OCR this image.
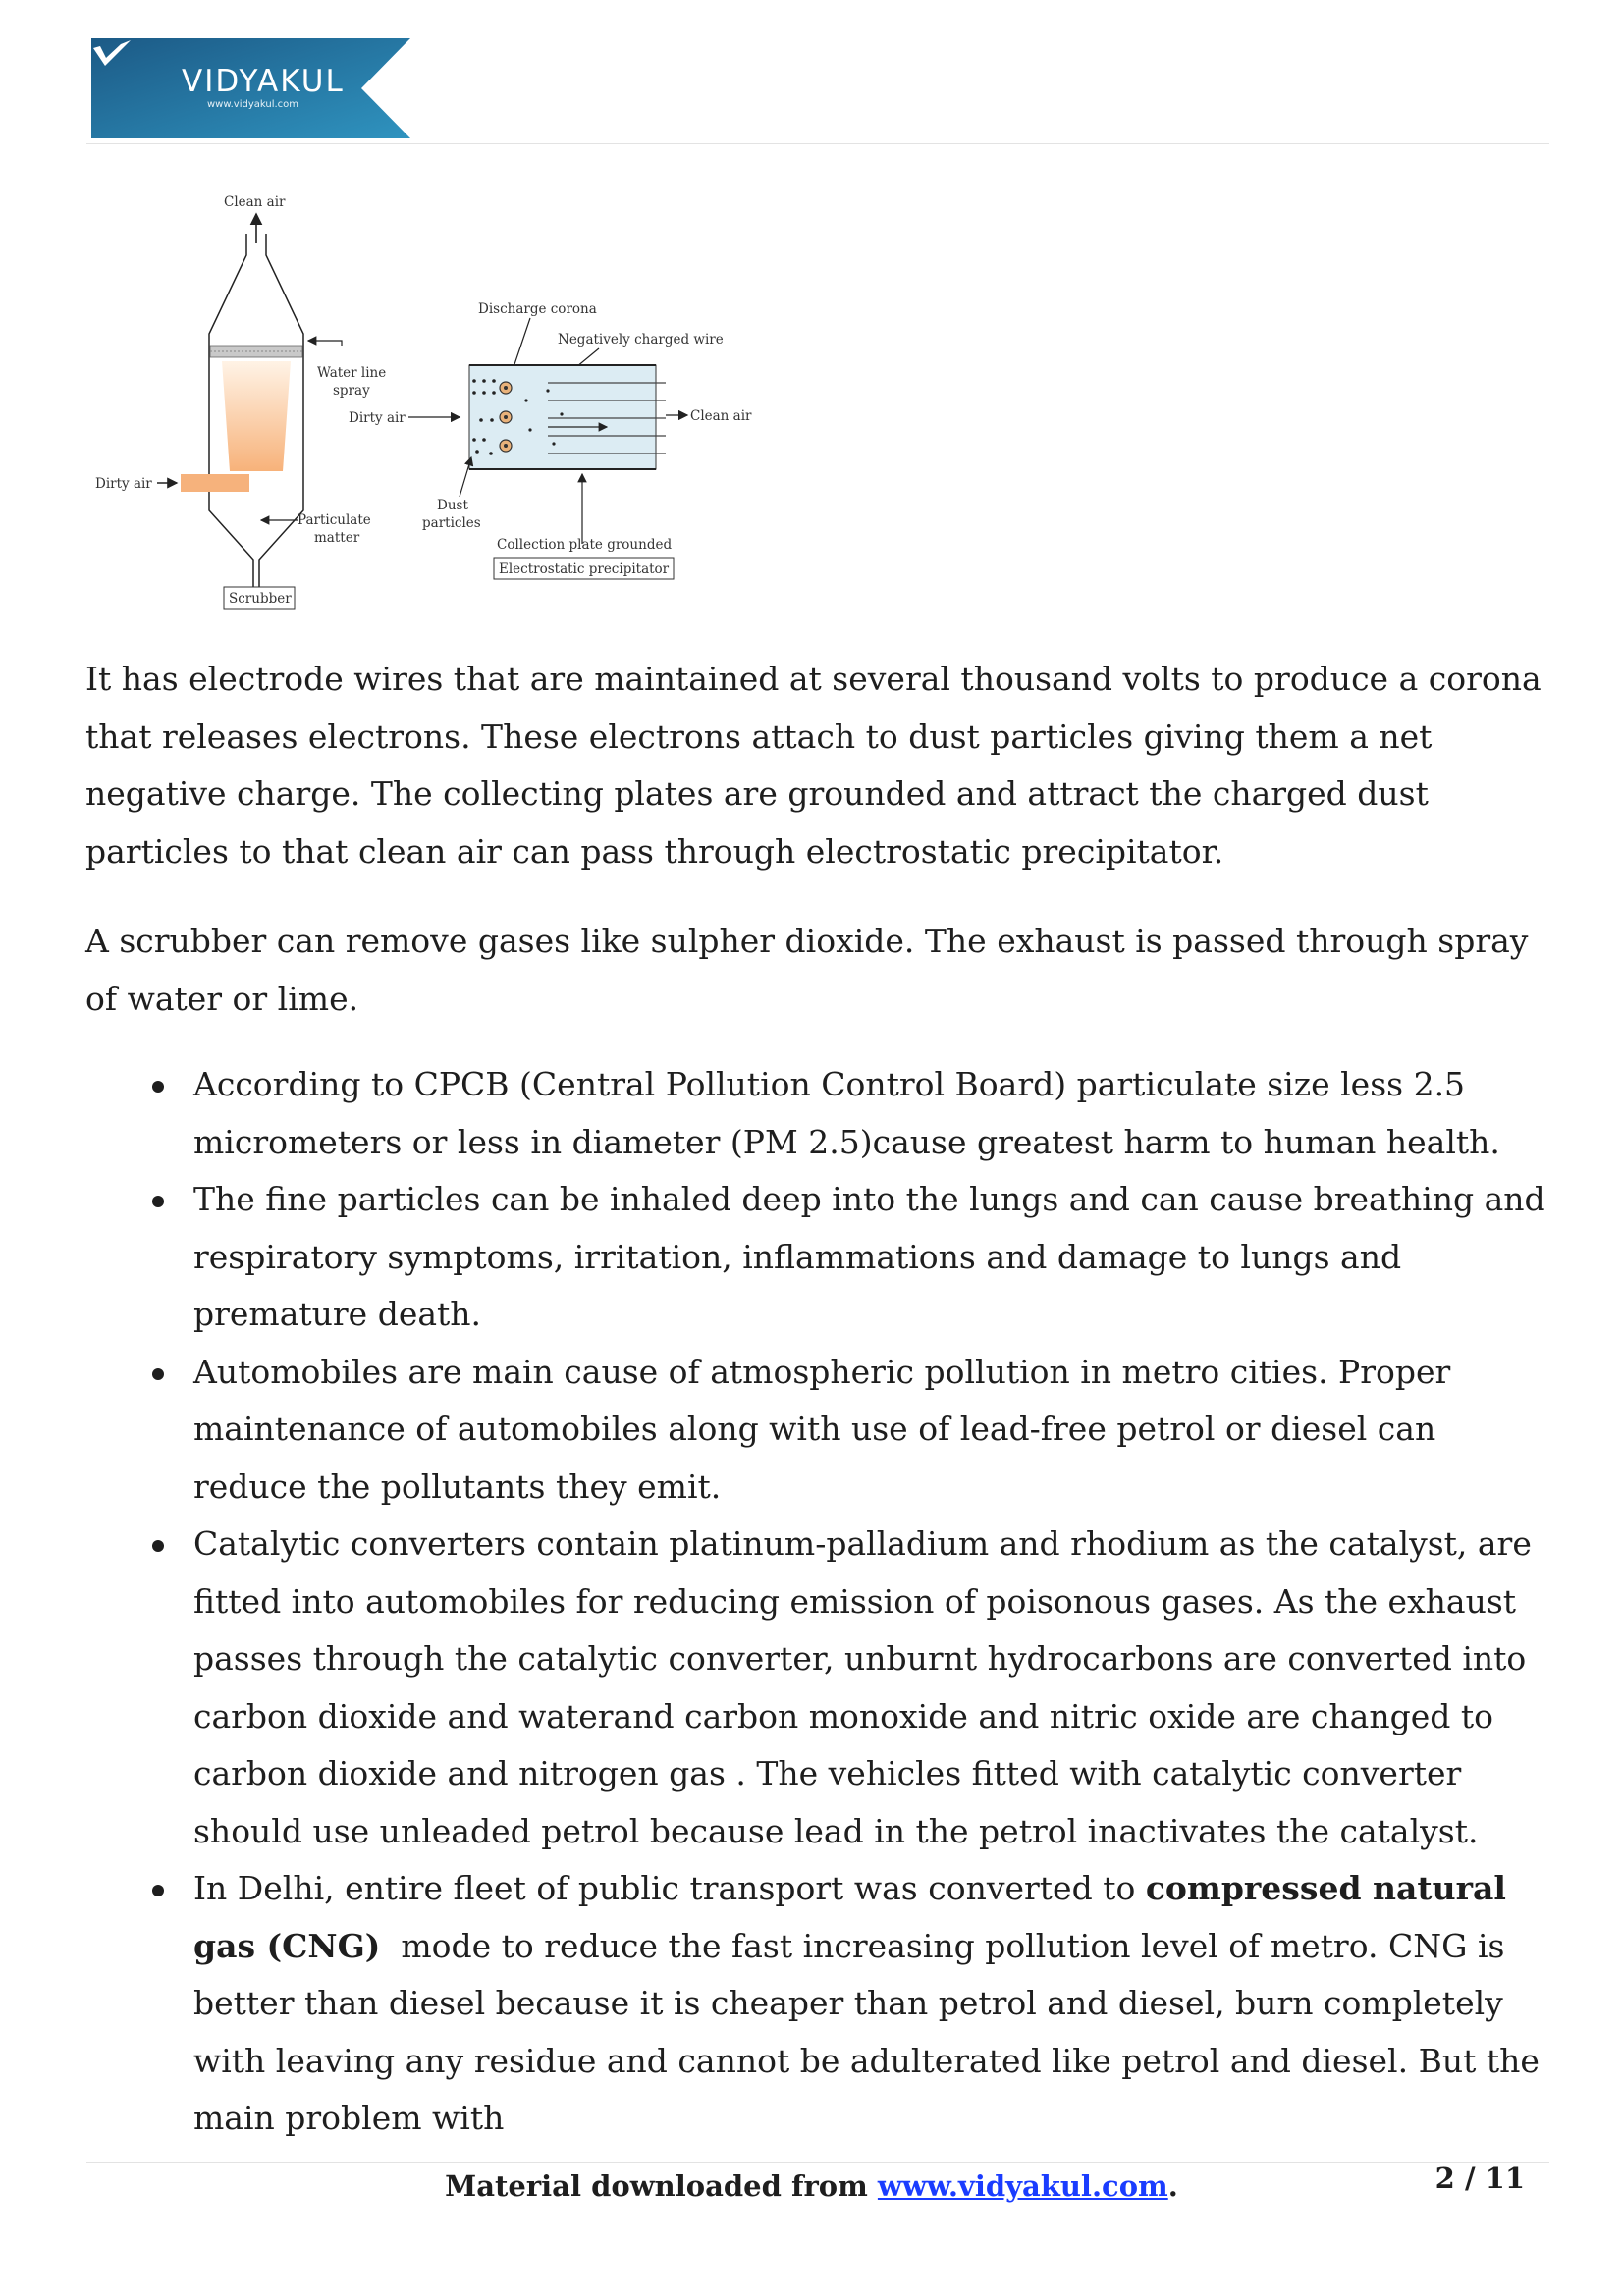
VIDYAKUL
www.vidyakul.com
Clean air
Dirty air
Water line
spray
Particulate
matter
Scrubber
Discharge corona
Negatively charged wire
Dirty air	Clean air
Dust
particles
Collection plate grounded
Electrostatic precipitator

It has electrode wires that are maintained at several thousand volts to produce a corona that releases electrons. These electrons attach to dust particles giving them a net negative charge. The collecting plates are grounded and attract the charged dust particles to that clean air can pass through electrostatic precipitator.

A scrubber can remove gases like sulpher dioxide. The exhaust is passed through spray of water or lime.

According to CPCB (Central Pollution Control Board) particulate size less 2.5 micrometers or less in diameter (PM 2.5)cause greatest harm to human health.
The fine particles can be inhaled deep into the lungs and can cause breathing and respiratory symptoms, irritation, inflammations and damage to lungs and premature death.
Automobiles are main cause of atmospheric pollution in metro cities. Proper maintenance of automobiles along with use of lead-free petrol or diesel can reduce the pollutants they emit.
Catalytic converters contain platinum-palladium and rhodium as the catalyst, are fitted into automobiles for reducing emission of poisonous gases. As the exhaust passes through the catalytic converter, unburnt hydrocarbons are converted into carbon dioxide and waterand carbon monoxide and nitric oxide are changed to carbon dioxide and nitrogen gas . The vehicles fitted with catalytic converter should use unleaded petrol because lead in the petrol inactivates the catalyst.
In Delhi, entire fleet of public transport was converted to compressed natural gas (CNG)  mode to reduce the fast increasing pollution level of metro. CNG is better than diesel because it is cheaper than petrol and diesel, burn completely with leaving any residue and cannot be adulterated like petrol and diesel. But the main problem with
Material downloaded from www.vidyakul.com.	2 / 11
